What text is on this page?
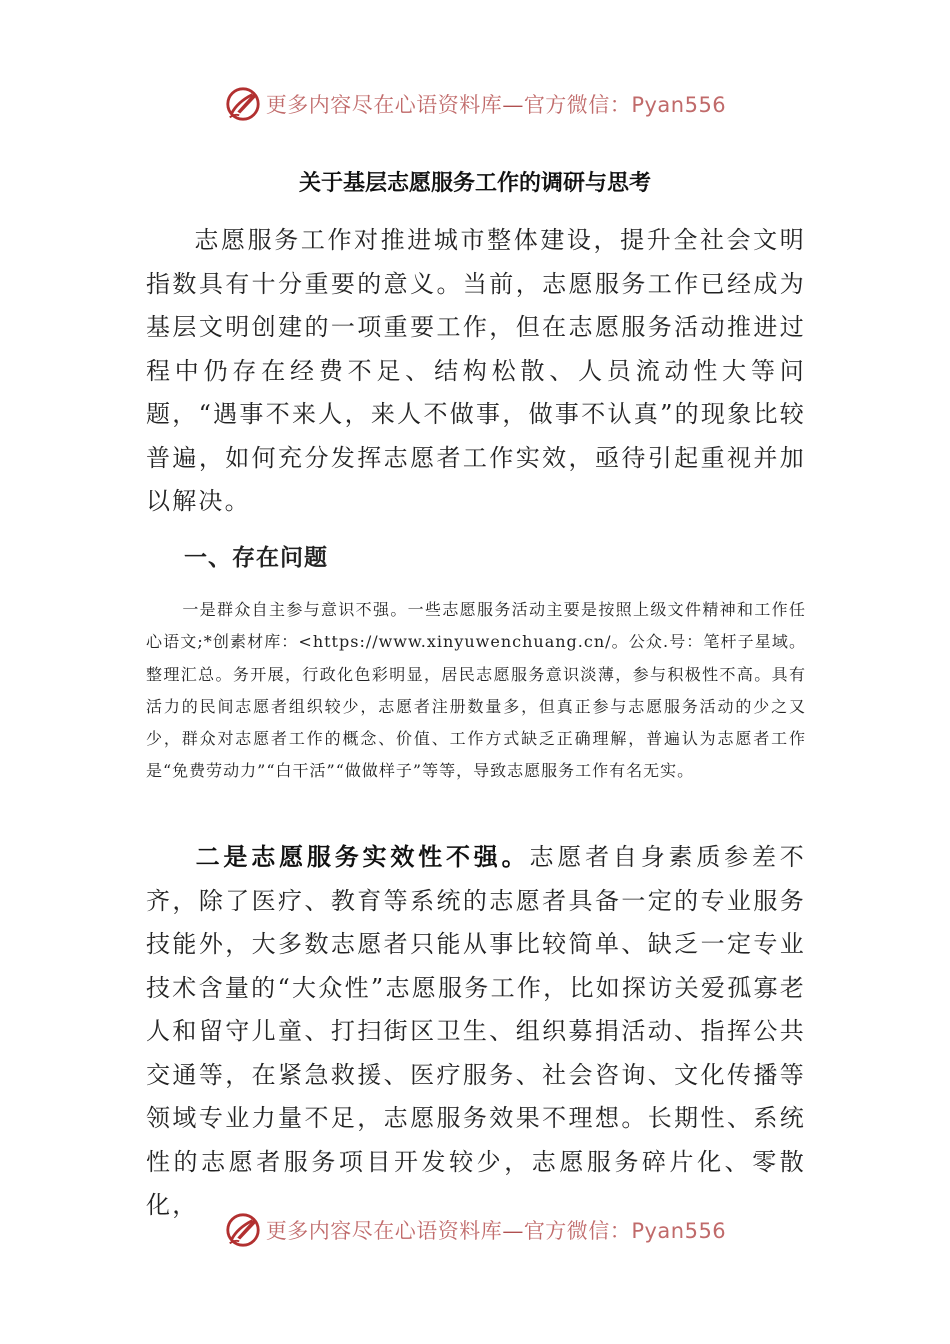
更多内容尽在心语资料库—官方微信：Pyan556
关于基层志愿服务工作的调研与思考

志愿服务工作对推进城市整体建设，提升全社会文明指数具有十分重要的意义。当前，志愿服务工作已经成为基层文明创建的一项重要工作，但在志愿服务活动推进过程中仍存在经费不足、结构松散、人员流动性大等问题，“遇事不来人，来人不做事，做事不认真”的现象比较普遍，如何充分发挥志愿者工作实效，亟待引起重视并加以解决。

一、存在问题

一是群众自主参与意识不强。一些志愿服务活动主要是按照上级文件精神和工作任心语文;*创素材库：<https://www.xinyuwenchuang.cn/。公众.号：笔杆子星域。整理汇总。务开展，行政化色彩明显，居民志愿服务意识淡薄，参与积极性不高。具有活力的民间志愿者组织较少，志愿者注册数量多，但真正参与志愿服务活动的少之又少，群众对志愿者工作的概念、价值、工作方式缺乏正确理解，普遍认为志愿者工作是“免费劳动力”“白干活”“做做样子”等等，导致志愿服务工作有名无实。

二是志愿服务实效性不强。志愿者自身素质参差不齐，除了医疗、教育等系统的志愿者具备一定的专业服务技能外，大多数志愿者只能从事比较简单、缺乏一定专业技术含量的“大众性”志愿服务工作，比如探访关爱孤寡老人和留守儿童、打扫街区卫生、组织募捐活动、指挥公共交通等，在紧急救援、医疗服务、社会咨询、文化传播等领域专业力量不足，志愿服务效果不理想。长期性、系统性的志愿者服务项目开发较少，志愿服务碎片化、零散化，

更多内容尽在心语资料库—官方微信：Pyan556
